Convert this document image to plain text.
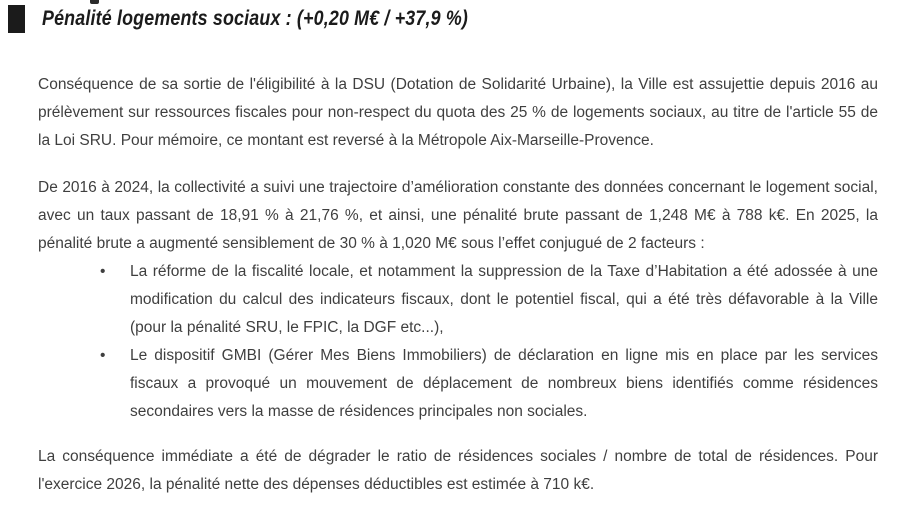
Pénalité logements sociaux : (+0,20 M€ / +37,9 %)

Conséquence de sa sortie de l'éligibilité à la DSU (Dotation de Solidarité Urbaine), la Ville est assujettie depuis 2016 au prélèvement sur ressources fiscales pour non-respect du quota des 25 % de logements sociaux, au titre de l'article 55 de la Loi SRU. Pour mémoire, ce montant est reversé à la Métropole Aix-Marseille-Provence.

De 2016 à 2024, la collectivité a suivi une trajectoire d’amélioration constante des données concernant le logement social, avec un taux passant de 18,91 % à 21,76 %, et ainsi, une pénalité brute passant de 1,248 M€ à 788 k€. En 2025, la pénalité brute a augmenté sensiblement de 30 % à 1,020 M€ sous l’effet conjugué de 2 facteurs :

•	La réforme de la fiscalité locale, et notamment la suppression de la Taxe d’Habitation a été adossée à une modification du calcul des indicateurs fiscaux, dont le potentiel fiscal, qui a été très défavorable à la Ville (pour la pénalité SRU, le FPIC, la DGF etc...),
•	Le dispositif GMBI (Gérer Mes Biens Immobiliers) de déclaration en ligne mis en place par les services fiscaux a provoqué un mouvement de déplacement de nombreux biens identifiés comme résidences secondaires vers la masse de résidences principales non sociales.

La conséquence immédiate a été de dégrader le ratio de résidences sociales / nombre de total de résidences. Pour l'exercice 2026, la pénalité nette des dépenses déductibles est estimée à 710 k€.
